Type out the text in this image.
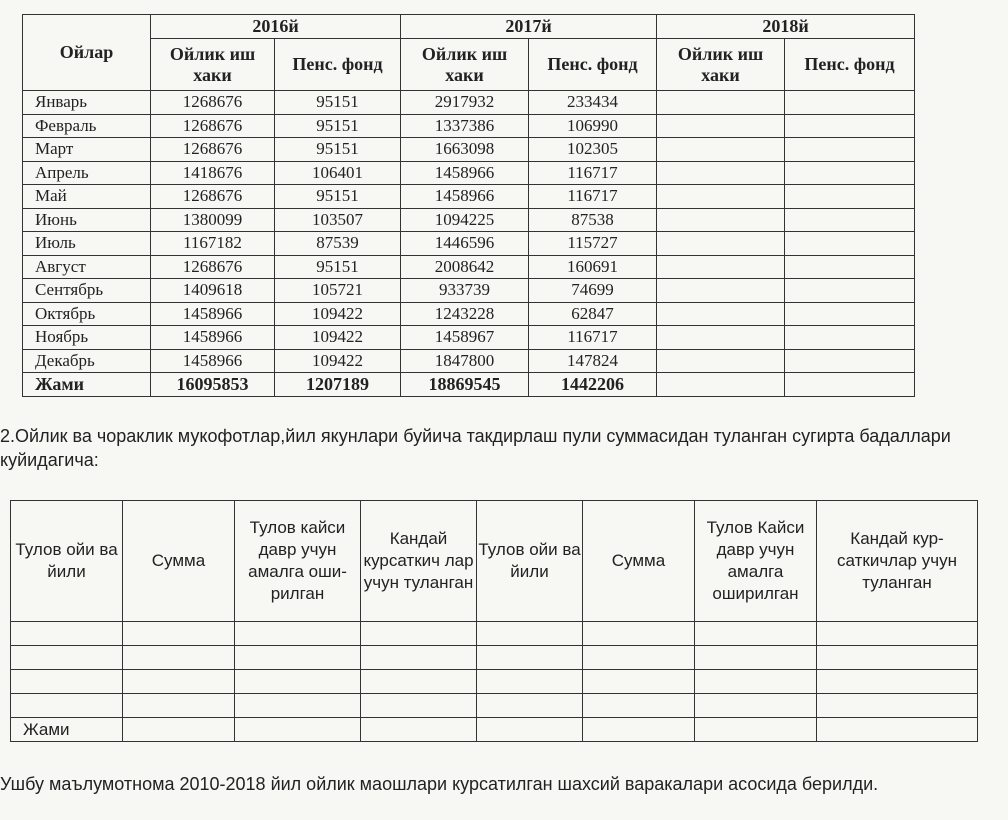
Ойлар	2016й		2017й		2018й	
	Ойлик иш хаки	Пенс. фонд	Ойлик иш хаки	Пенс. фонд	Ойлик иш хаки	Пенс. фонд
Январь	1268676	95151	2917932	233434		
Февраль	1268676	95151	1337386	106990		
Март	1268676	95151	1663098	102305		
Апрель	1418676	106401	1458966	116717		
Май	1268676	95151	1458966	116717		
Июнь	1380099	103507	1094225	87538		
Июль	1167182	87539	1446596	115727		
Август	1268676	95151	2008642	160691		
Сентябрь	1409618	105721	933739	74699		
Октябрь	1458966	109422	1243228	62847		
Ноябрь	1458966	109422	1458967	116717		
Декабрь	1458966	109422	1847800	147824		
Жами	16095853	1207189	18869545	1442206		
2.Ойлик ва чораклик мукофотлар,йил якунлари буйича такдирлаш пули суммасидан туланган сугирта бадаллари куйидагича:
Тулов ойи ва йили	Сумма	Тулов кайси давр учун амалга оши-рилган	Кандай курсаткич лар учун туланган	Тулов ойи ва йили	Сумма	Тулов Кайси давр учун амалга оширилган	Кандай кур-саткичлар учун туланган

Жами							
Ушбу маълумотнома 2010-2018 йил ойлик маошлари курсатилган шахсий варакалари асосида берилди.
